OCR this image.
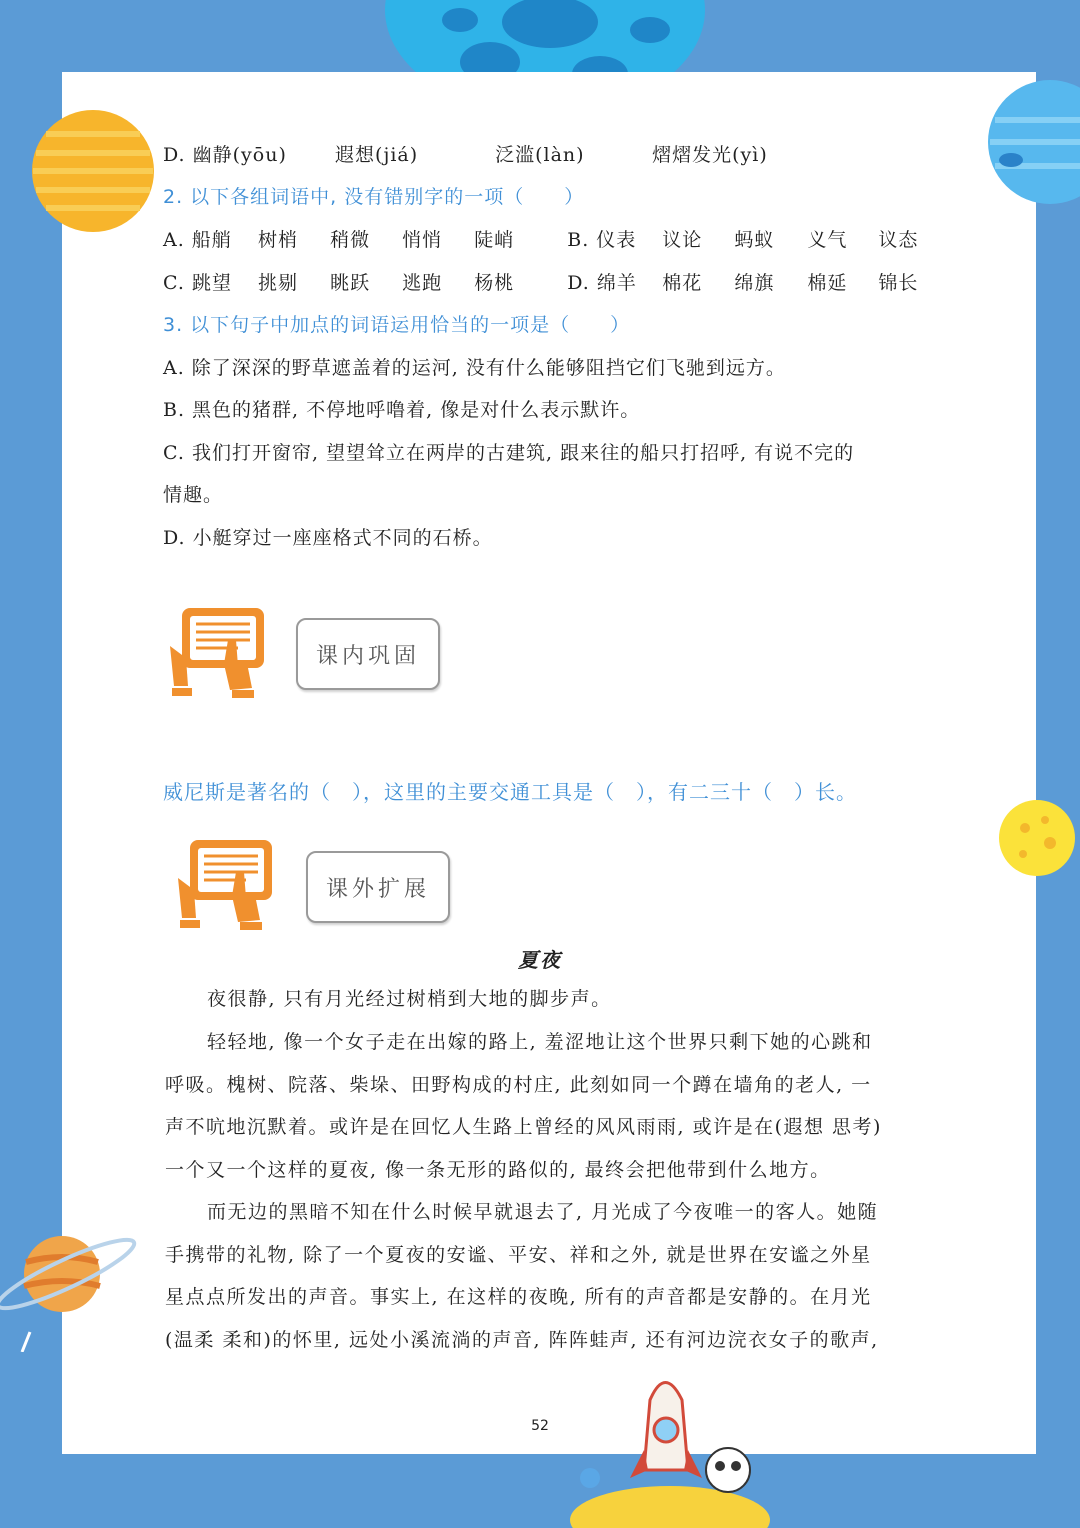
D. 幽静(yōu)	遐想(jiá)	泛滥(làn)	熠熠发光(yì)
2. 以下各组词语中, 没有错别字的一项（　　）
A. 船艄 树梢 稍微 悄悄 陡峭	B. 仪表 议论 蚂蚁 义气 议态
C. 跳望 挑剔 眺跃 逃跑 杨桃	D. 绵羊 棉花 绵旗 棉延 锦长
3. 以下句子中加点的词语运用恰当的一项是（　　）
A. 除了深深的野草遮盖着的运河, 没有什么能够阻挡它们飞驰到远方。
B. 黑色的猪群, 不停地呼噜着, 像是对什么表示默许。
C. 我们打开窗帘, 望望耸立在两岸的古建筑, 跟来往的船只打招呼, 有说不完的
情趣。
D. 小艇穿过一座座格式不同的石桥。
课内巩固
威尼斯是著名的（　），这里的主要交通工具是（　），有二三十（　）长。
课外扩展
夏夜
夜很静, 只有月光经过树梢到大地的脚步声。
轻轻地, 像一个女子走在出嫁的路上, 羞涩地让这个世界只剩下她的心跳和
呼吸。槐树、院落、柴垛、田野构成的村庄, 此刻如同一个蹲在墙角的老人, 一
声不吭地沉默着。或许是在回忆人生路上曾经的风风雨雨, 或许是在(遐想 思考)
一个又一个这样的夏夜, 像一条无形的路似的, 最终会把他带到什么地方。
而无边的黑暗不知在什么时候早就退去了, 月光成了今夜唯一的客人。她随
手携带的礼物, 除了一个夏夜的安谧、平安、祥和之外, 就是世界在安谧之外星
星点点所发出的声音。事实上, 在这样的夜晚, 所有的声音都是安静的。在月光
(温柔 柔和)的怀里, 远处小溪流淌的声音, 阵阵蛙声, 还有河边浣衣女子的歌声,
52
